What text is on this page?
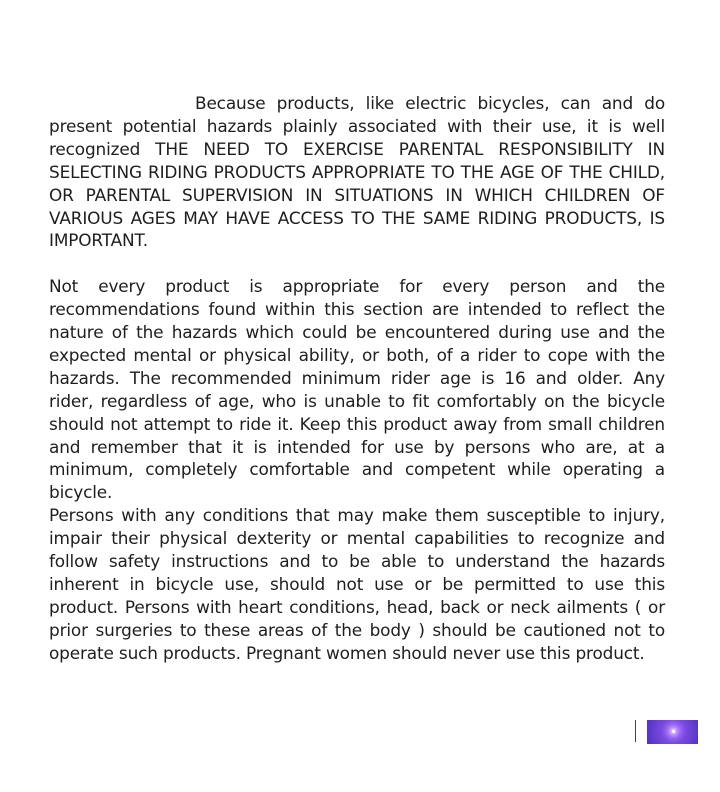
Because products, like electric bicycles, can and do present potential hazards plainly associated with their use, it is well recognized THE NEED TO EXERCISE PARENTAL RESPONSIBILITY IN SELECTING RIDING PRODUCTS APPROPRIATE TO THE AGE OF THE CHILD, OR PARENTAL SUPERVISION IN SITUATIONS IN WHICH CHILDREN OF VARIOUS AGES MAY HAVE ACCESS TO THE SAME RIDING PRODUCTS, IS IMPORTANT.

Not every product is appropriate for every person and the recommendations found within this section are intended to reflect the nature of the hazards which could be encountered during use and the expected mental or physical ability, or both, of a rider to cope with the hazards. The recommended minimum rider age is 16 and older. Any rider, regardless of age, who is unable to fit comfortably on the bicycle should not attempt to ride it. Keep this product away from small children and remember that it is intended for use by persons who are, at a minimum, completely comfortable and competent while operating a bicycle.

Persons with any conditions that may make them susceptible to injury, impair their physical dexterity or mental capabilities to recognize and follow safety instructions and to be able to understand the hazards inherent in bicycle use, should not use or be permitted to use this product. Persons with heart conditions, head, back or neck ailments ( or prior surgeries to these areas of the body ) should be cautioned not to operate such products. Pregnant women should never use this product.
